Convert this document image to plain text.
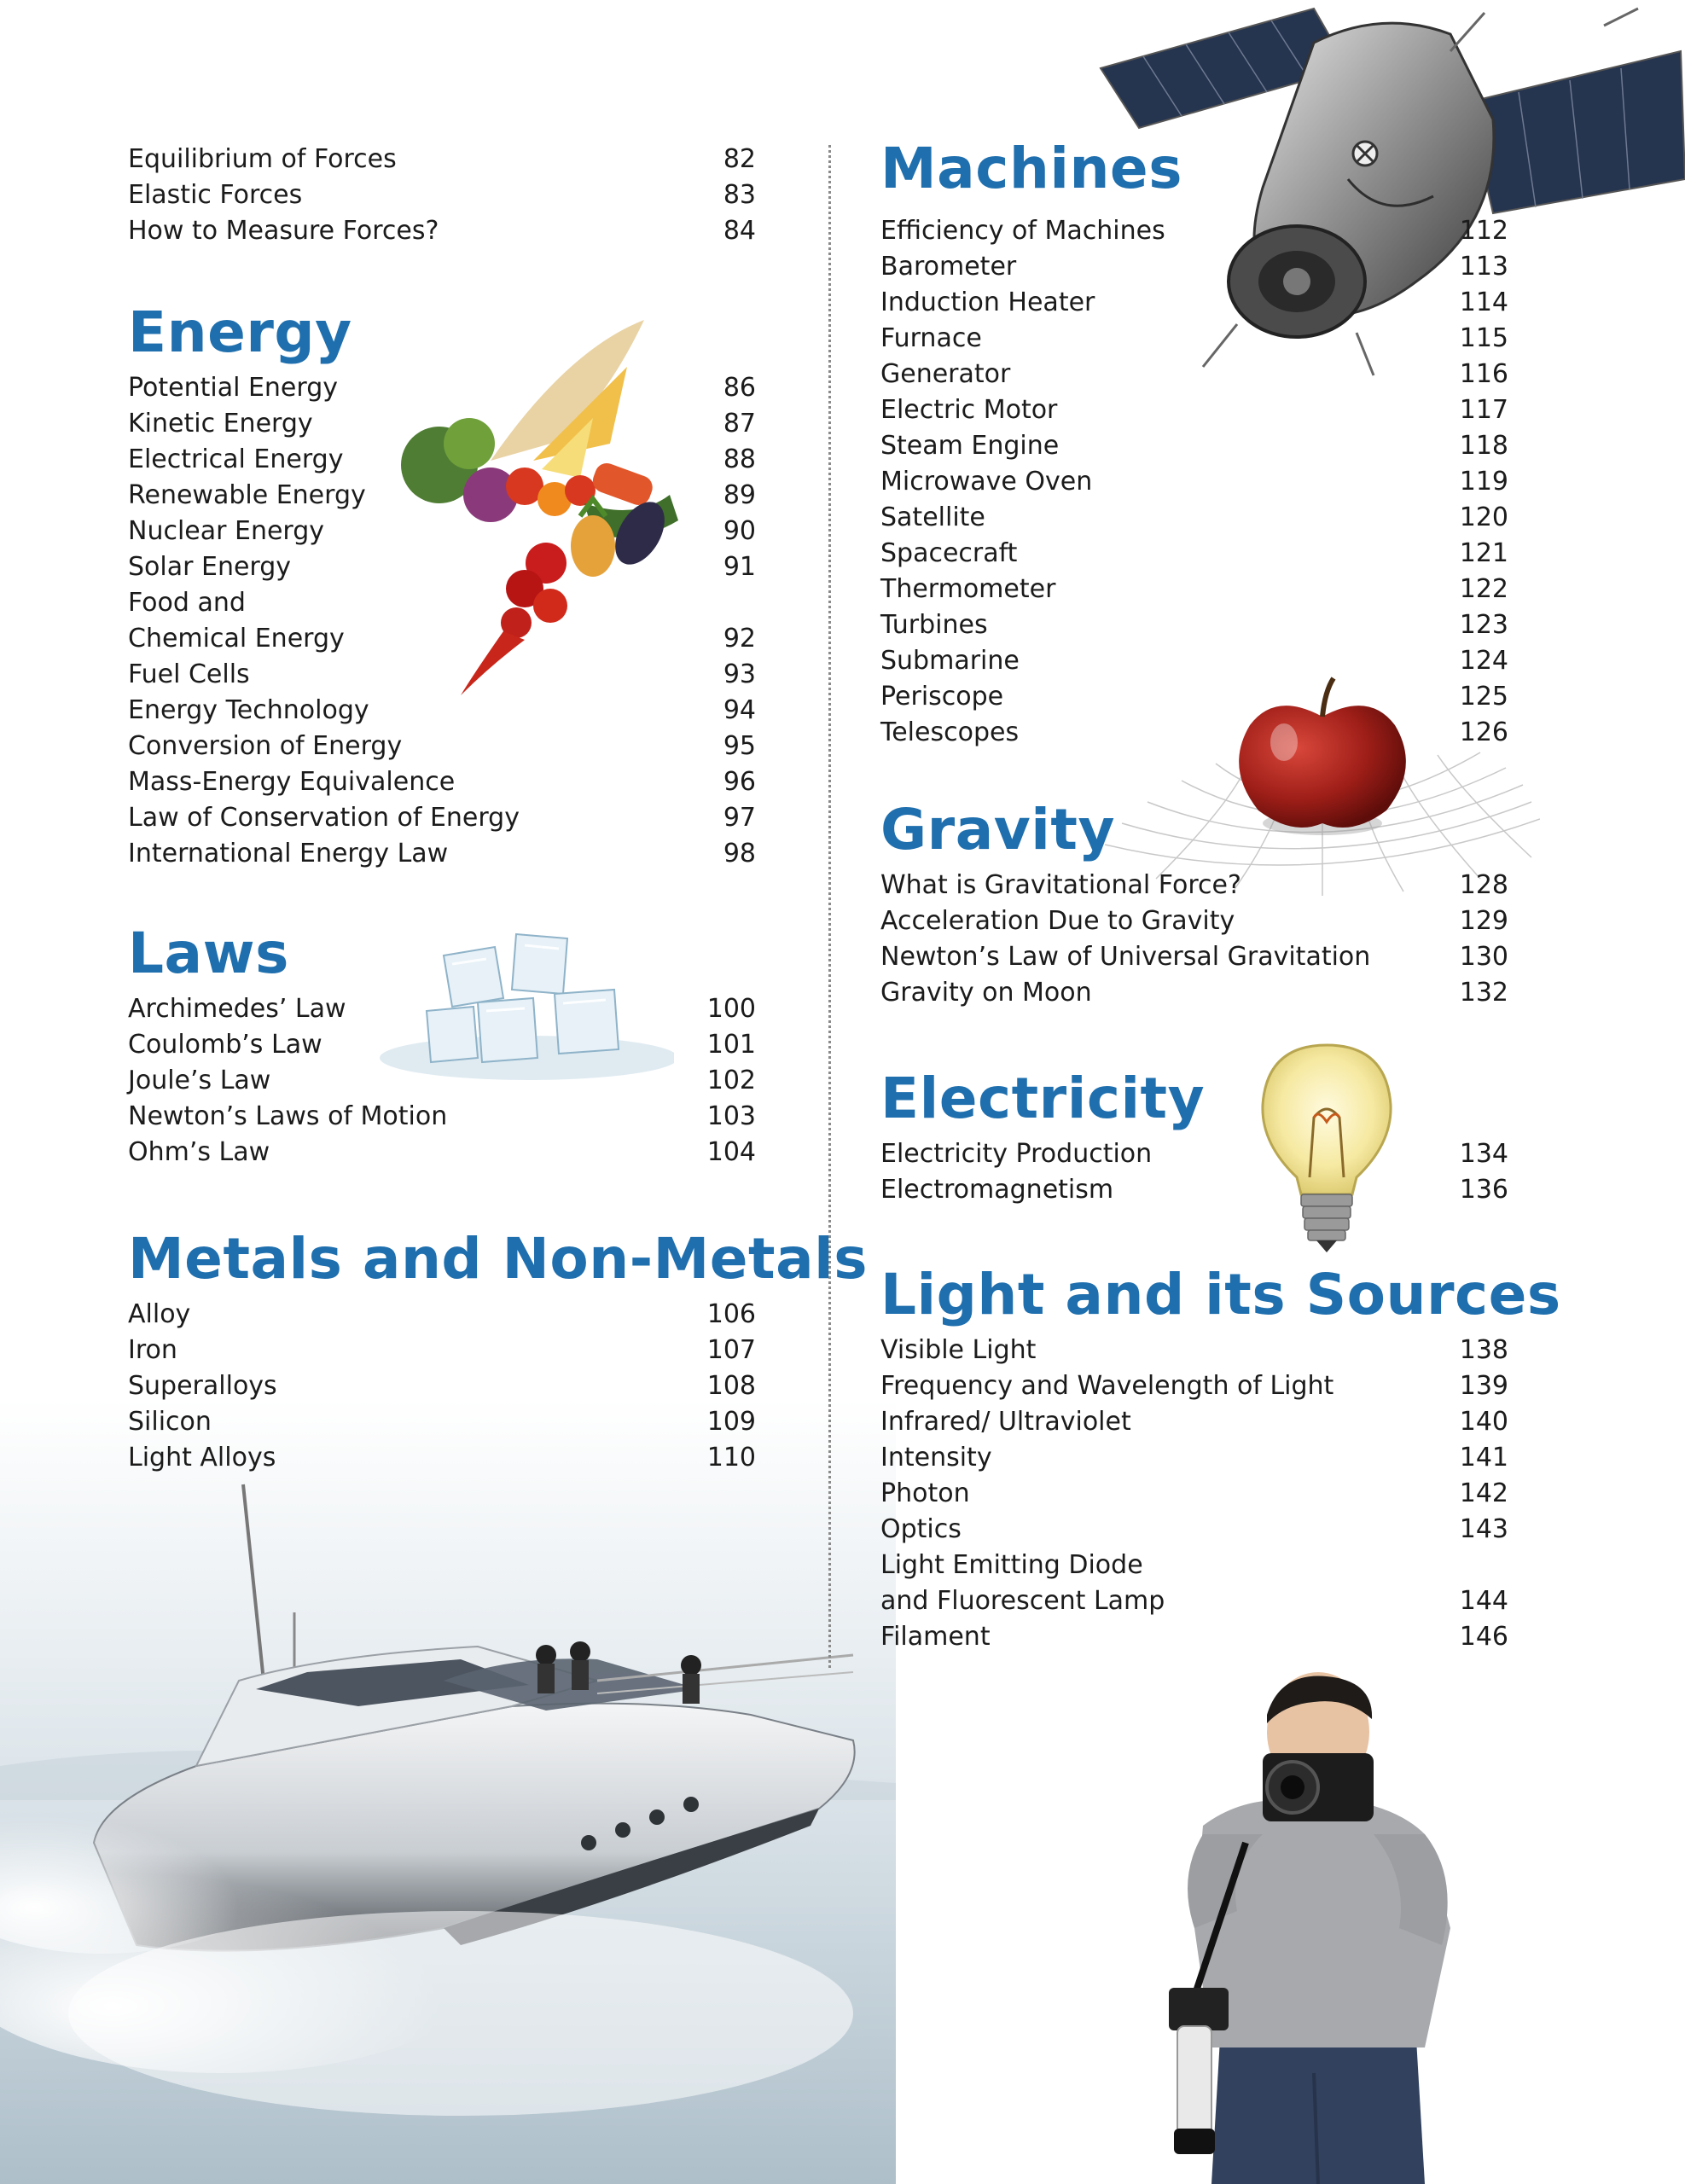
Equilibrium of Forces	82
Elastic Forces	83
How to Measure Forces?	84
Energy
Potential Energy	86
Kinetic Energy	87
Electrical Energy	88
Renewable Energy	89
Nuclear Energy	90
Solar Energy	91
Food and
Chemical Energy	92
Fuel Cells	93
Energy Technology	94
Conversion of Energy	95
Mass-Energy Equivalence	96
Law of Conservation of Energy	97
International Energy Law	98
Laws
Archimedes’ Law	100
Coulomb’s Law	101
Joule’s Law	102
Newton’s Laws of Motion	103
Ohm’s Law	104
Metals and Non-Metals
Alloy	106
Iron	107
Superalloys	108
Silicon	109
Light Alloys	110
Machines
Efficiency of Machines	112
Barometer	113
Induction Heater	114
Furnace	115
Generator	116
Electric Motor	117
Steam Engine	118
Microwave Oven	119
Satellite	120
Spacecraft	121
Thermometer	122
Turbines	123
Submarine	124
Periscope	125
Telescopes	126
Gravity
What is Gravitational Force?	128
Acceleration Due to Gravity	129
Newton’s Law of Universal Gravitation	130
Gravity on Moon	132
Electricity
Electricity Production	134
Electromagnetism	136
Light and its Sources
Visible Light	138
Frequency and Wavelength of Light	139
Infrared/ Ultraviolet	140
Intensity	141
Photon	142
Optics	143
Light Emitting Diode
and Fluorescent Lamp	144
Filament	146
